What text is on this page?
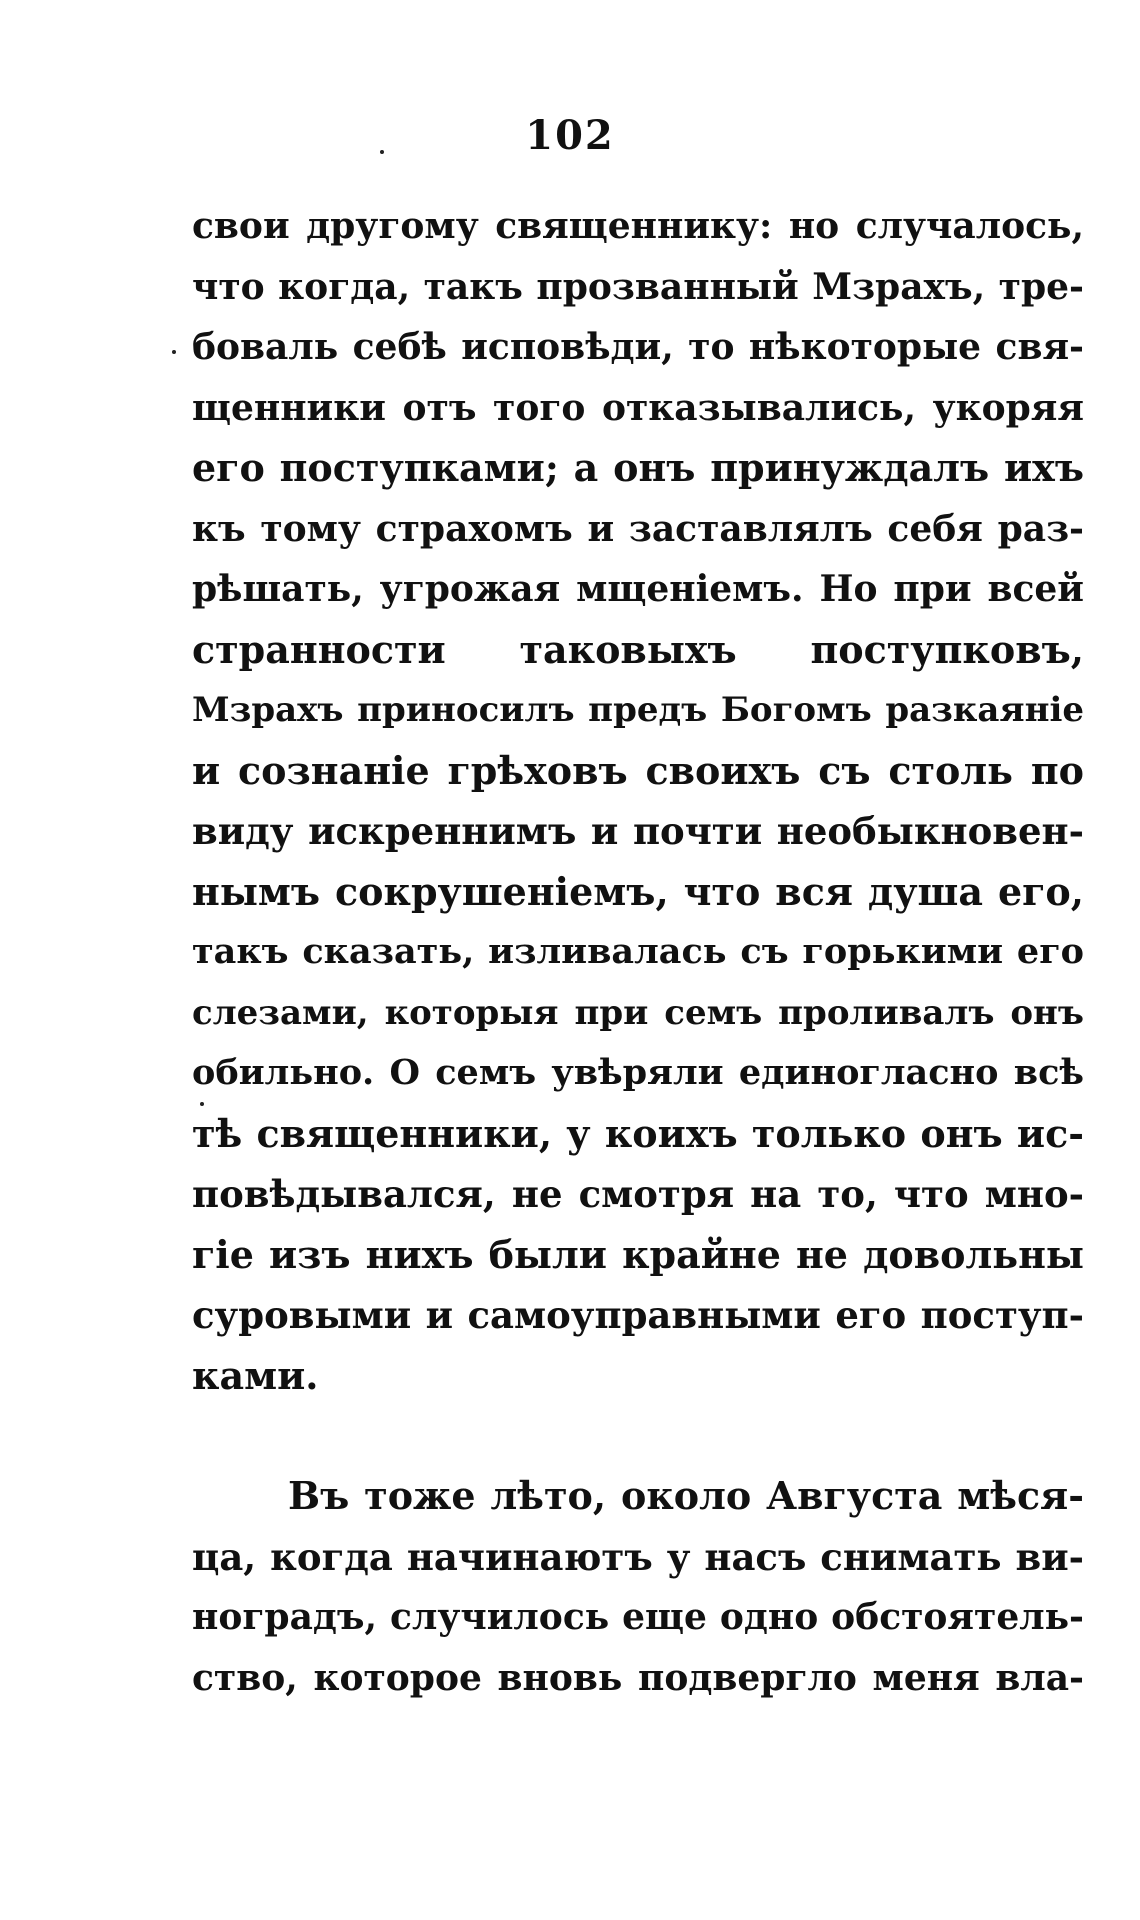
102
свои другому священнику: но случалось,
что когда, такъ прозванный Мзрахъ, тре-
боваль себѣ исповѣди, то нѣкоторые свя-
щенники отъ того отказывались, укоряя
его поступками; а онъ принуждалъ ихъ
къ тому страхомъ и заставлялъ себя раз-
рѣшать, угрожая мщеніемъ. Но при всей
странности таковыхъ поступковъ,
Мзрахъ приносилъ предъ Богомъ разкаяніе
и сознаніе грѣховъ своихъ съ столь по
виду искреннимъ и почти необыкновен-
нымъ сокрушеніемъ, что вся душа его,
такъ сказать, изливалась съ горькими его
слезами, которыя при семъ проливалъ онъ
обильно. О семъ увѣряли единогласно всѣ
тѣ священники, у коихъ только онъ ис-
повѣдывался, не смотря на то, что мно-
гіе изъ нихъ были крайне не довольны
суровыми и самоуправными его поступ-
ками.
Въ тоже лѣто, около Августа мѣся-
ца, когда начинаютъ у насъ снимать ви-
ноградъ, случилось еще одно обстоятель-
ство, которое вновь подвергло меня вла-
